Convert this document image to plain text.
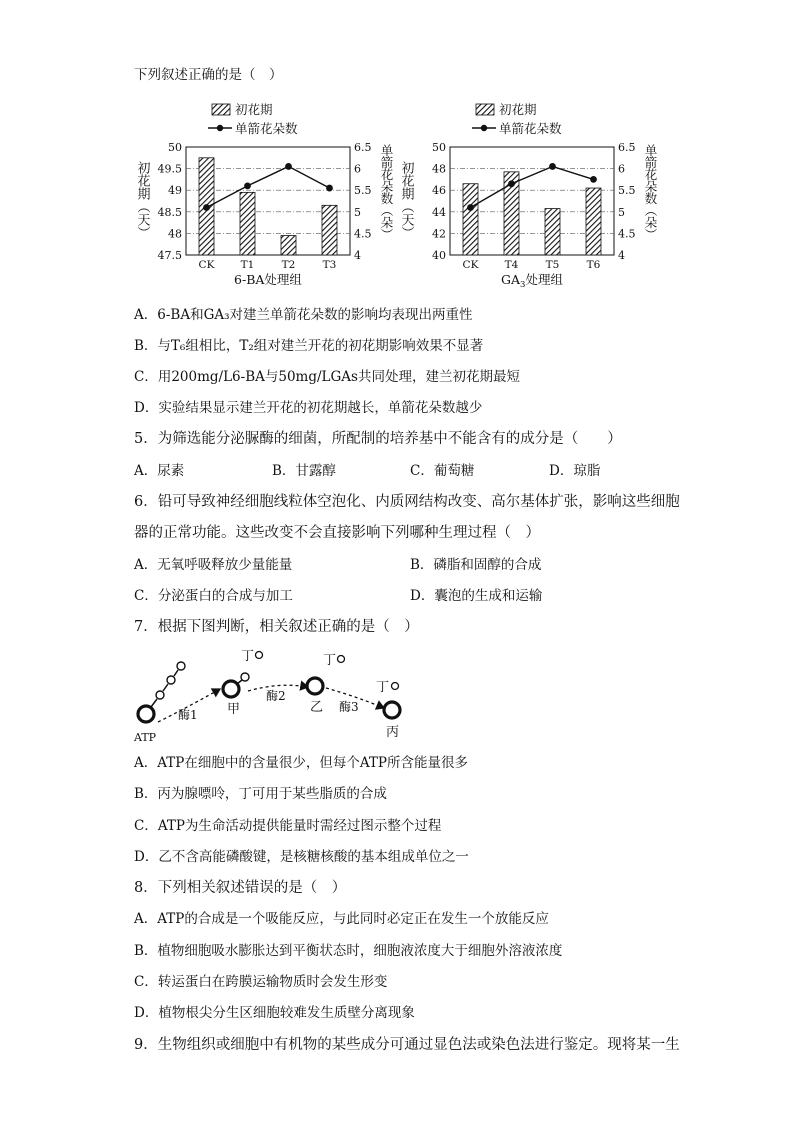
下列叙述正确的是（　）
初花期
单箭花朵数
47.5
48
48.5
49
49.5
50
4
4.5
5
5.5
6
6.5
初
花
期
︵
天
︶
单
箭
花
朵
数
︵
朵
︶
CK T1	T2	T3
6-BA处理组
初花期
单箭花朵数
40
42
44
46
48
50
4
4.5
5
5.5
6
6.5
初
花
期
︵
天
︶
单
箭
花
朵
数
︵
朵
︶
CK T4	T5	T6
$GA_3$处理组
A．6-BA和GA₃对建兰单箭花朵数的影响均表现出两重性
B．与T₆组相比，T₂组对建兰开花的初花期影响效果不显著
C．用200mg/L6-BA与50mg/LGAs共同处理，建兰初花期最短
D．实验结果显示建兰开花的初花期越长，单箭花朵数越少
5．为筛选能分泌脲酶的细菌，所配制的培养基中不能含有的成分是（　　）
A．尿素	B．甘露醇	C．葡萄糖	D．琼脂
6．铅可导致神经细胞线粒体空泡化、内质网结构改变、高尔基体扩张，影响这些细胞
器的正常功能。这些改变不会直接影响下列哪种生理过程（　）
A．无氧呼吸释放少量能量	B．磷脂和固醇的合成
C．分泌蛋白的合成与加工	D．囊泡的生成和运输
7．根据下图判断，相关叙述正确的是（　）
ATP
酶1 甲
丁
酶2
乙
丁
酶3
丙
丁
A．ATP在细胞中的含量很少，但每个ATP所含能量很多
B．丙为腺嘌呤，丁可用于某些脂质的合成
C．ATP为生命活动提供能量时需经过图示整个过程
D．乙不含高能磷酸键，是核糖核酸的基本组成单位之一
8．下列相关叙述错误的是（　）
A．ATP的合成是一个吸能反应，与此同时必定正在发生一个放能反应
B．植物细胞吸水膨胀达到平衡状态时，细胞液浓度大于细胞外溶液浓度
C．转运蛋白在跨膜运输物质时会发生形变
D．植物根尖分生区细胞较难发生质壁分离现象
9．生物组织或细胞中有机物的某些成分可通过显色法或染色法进行鉴定。现将某一生
